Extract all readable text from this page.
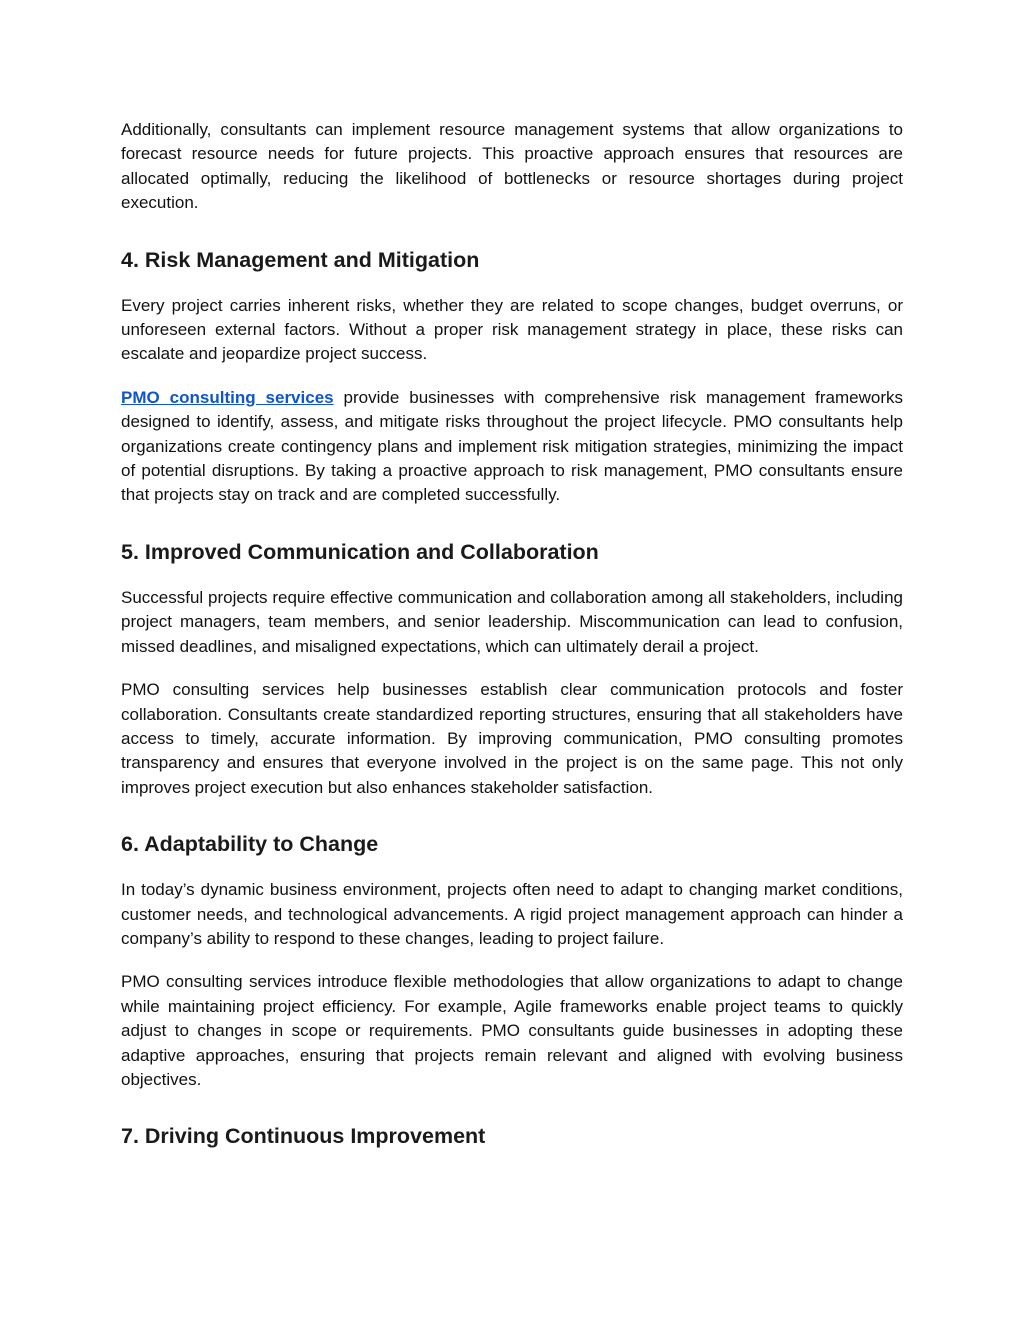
Additionally, consultants can implement resource management systems that allow organizations to forecast resource needs for future projects. This proactive approach ensures that resources are allocated optimally, reducing the likelihood of bottlenecks or resource shortages during project execution.

4. Risk Management and Mitigation

Every project carries inherent risks, whether they are related to scope changes, budget overruns, or unforeseen external factors. Without a proper risk management strategy in place, these risks can escalate and jeopardize project success.

PMO consulting services provide businesses with comprehensive risk management frameworks designed to identify, assess, and mitigate risks throughout the project lifecycle. PMO consultants help organizations create contingency plans and implement risk mitigation strategies, minimizing the impact of potential disruptions. By taking a proactive approach to risk management, PMO consultants ensure that projects stay on track and are completed successfully.

5. Improved Communication and Collaboration

Successful projects require effective communication and collaboration among all stakeholders, including project managers, team members, and senior leadership. Miscommunication can lead to confusion, missed deadlines, and misaligned expectations, which can ultimately derail a project.

PMO consulting services help businesses establish clear communication protocols and foster collaboration. Consultants create standardized reporting structures, ensuring that all stakeholders have access to timely, accurate information. By improving communication, PMO consulting promotes transparency and ensures that everyone involved in the project is on the same page. This not only improves project execution but also enhances stakeholder satisfaction.

6. Adaptability to Change

In today’s dynamic business environment, projects often need to adapt to changing market conditions, customer needs, and technological advancements. A rigid project management approach can hinder a company’s ability to respond to these changes, leading to project failure.

PMO consulting services introduce flexible methodologies that allow organizations to adapt to change while maintaining project efficiency. For example, Agile frameworks enable project teams to quickly adjust to changes in scope or requirements. PMO consultants guide businesses in adopting these adaptive approaches, ensuring that projects remain relevant and aligned with evolving business objectives.

7. Driving Continuous Improvement
